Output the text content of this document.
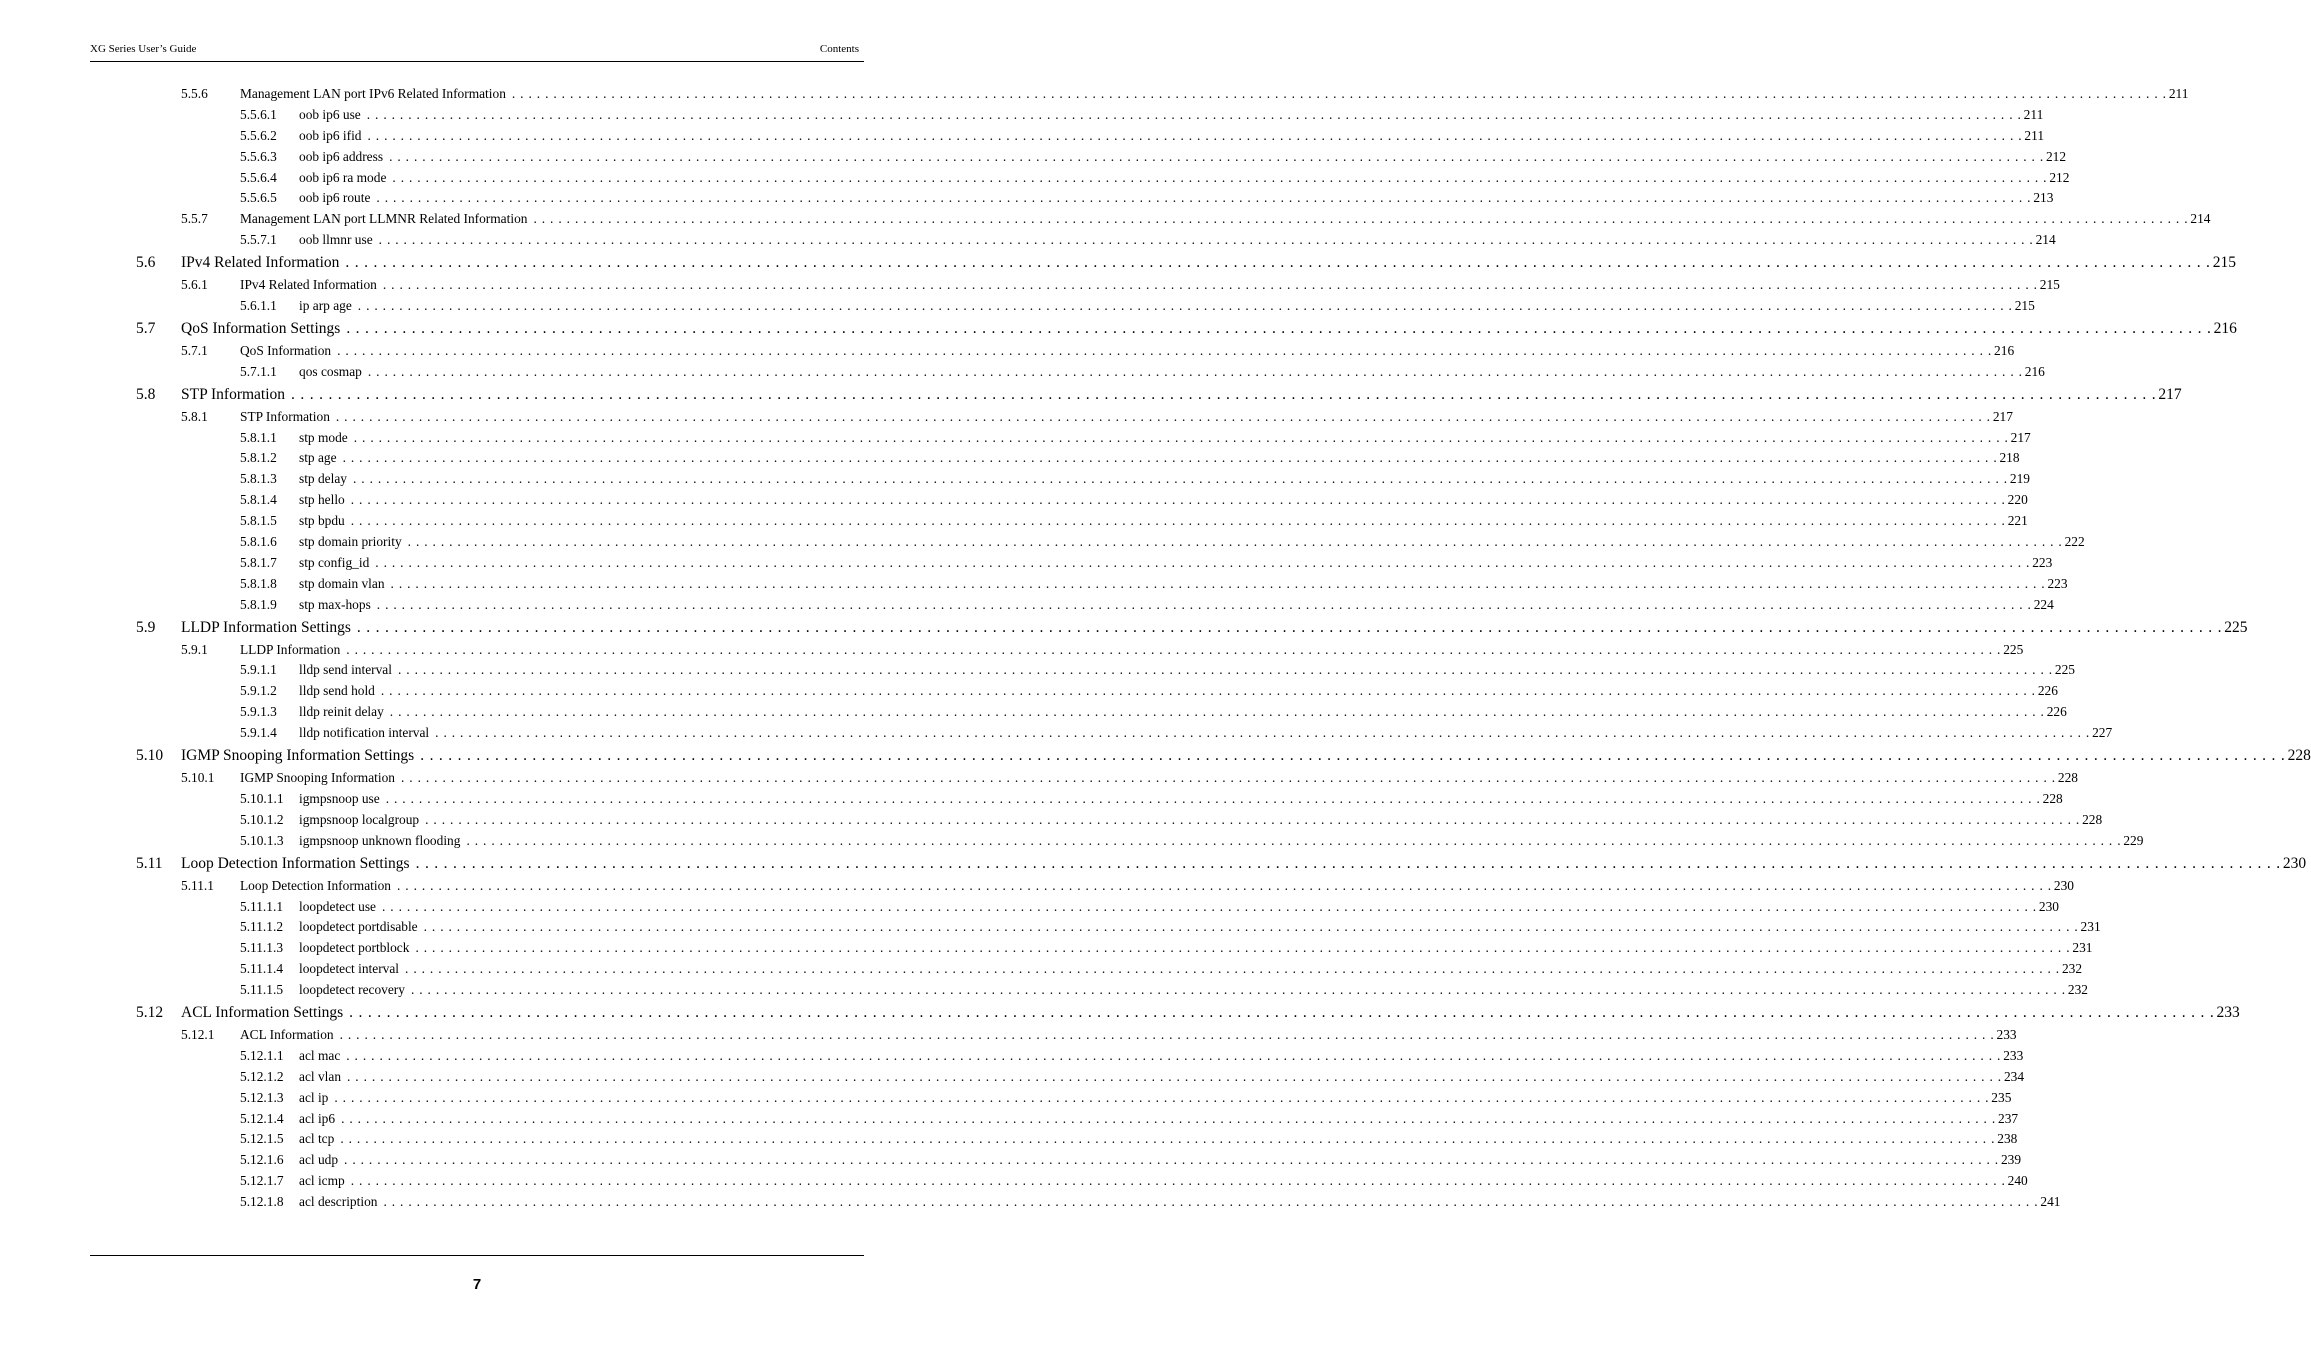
XG Series User’s Guide	Contents
5.5.6 Management LAN port IPv6 Related Information . . . . . . . . . . . . . . . . . . . . . . . . . . . . . . . . . . . . . . . . . . . . . . . . . . . . . . . . . . . . . . . . . . . . . . . . . . . . . . . . . . . . . . . . . . . . . . . . . . . . . . . . . . . . . . . . . . . . . . . . . . . . . . . . . . . . . . . . . . . . . . . . . . . . . . . . . . . . . . . . . . . . . . . . . . . . . . . . . . . . . . . . . . . . . . . . . . . . . . . . 211
5.5.6.1 oob ip6 use . . . . . . . . . . . . . . . . . . . . . . . . . . . . . . . . . . . . . . . . . . . . . . . . . . . . . . . . . . . . . . . . . . . . . . . . . . . . . . . . . . . . . . . . . . . . . . . . . . . . . . . . . . . . . . . . . . . . . . . . . . . . . . . . . . . . . . . . . . . . . . . . . . . . . . . . . . . . . . . . . . . . . . . . . . . . . . . . . . . . . . . . . . . . . . . . . . . . . . . . 211
5.5.6.2 oob ip6 ifid . . . . . . . . . . . . . . . . . . . . . . . . . . . . . . . . . . . . . . . . . . . . . . . . . . . . . . . . . . . . . . . . . . . . . . . . . . . . . . . . . . . . . . . . . . . . . . . . . . . . . . . . . . . . . . . . . . . . . . . . . . . . . . . . . . . . . . . . . . . . . . . . . . . . . . . . . . . . . . . . . . . . . . . . . . . . . . . . . . . . . . . . . . . . . . . . . . . . . . . . 211
5.5.6.3 oob ip6 address . . . . . . . . . . . . . . . . . . . . . . . . . . . . . . . . . . . . . . . . . . . . . . . . . . . . . . . . . . . . . . . . . . . . . . . . . . . . . . . . . . . . . . . . . . . . . . . . . . . . . . . . . . . . . . . . . . . . . . . . . . . . . . . . . . . . . . . . . . . . . . . . . . . . . . . . . . . . . . . . . . . . . . . . . . . . . . . . . . . . . . . . . . . . . . . . . . . . . . . . 212
5.5.6.4 oob ip6 ra mode . . . . . . . . . . . . . . . . . . . . . . . . . . . . . . . . . . . . . . . . . . . . . . . . . . . . . . . . . . . . . . . . . . . . . . . . . . . . . . . . . . . . . . . . . . . . . . . . . . . . . . . . . . . . . . . . . . . . . . . . . . . . . . . . . . . . . . . . . . . . . . . . . . . . . . . . . . . . . . . . . . . . . . . . . . . . . . . . . . . . . . . . . . . . . . . . . . . . . . . . 212
5.5.6.5 oob ip6 route . . . . . . . . . . . . . . . . . . . . . . . . . . . . . . . . . . . . . . . . . . . . . . . . . . . . . . . . . . . . . . . . . . . . . . . . . . . . . . . . . . . . . . . . . . . . . . . . . . . . . . . . . . . . . . . . . . . . . . . . . . . . . . . . . . . . . . . . . . . . . . . . . . . . . . . . . . . . . . . . . . . . . . . . . . . . . . . . . . . . . . . . . . . . . . . . . . . . . . . . 213
5.5.7 Management LAN port LLMNR Related Information . . . . . . . . . . . . . . . . . . . . . . . . . . . . . . . . . . . . . . . . . . . . . . . . . . . . . . . . . . . . . . . . . . . . . . . . . . . . . . . . . . . . . . . . . . . . . . . . . . . . . . . . . . . . . . . . . . . . . . . . . . . . . . . . . . . . . . . . . . . . . . . . . . . . . . . . . . . . . . . . . . . . . . . . . . . . . . . . . . . . . . . . . . . . . . . . . . . . . . . . 214
5.5.7.1 oob llmnr use . . . . . . . . . . . . . . . . . . . . . . . . . . . . . . . . . . . . . . . . . . . . . . . . . . . . . . . . . . . . . . . . . . . . . . . . . . . . . . . . . . . . . . . . . . . . . . . . . . . . . . . . . . . . . . . . . . . . . . . . . . . . . . . . . . . . . . . . . . . . . . . . . . . . . . . . . . . . . . . . . . . . . . . . . . . . . . . . . . . . . . . . . . . . . . . . . . . . . . . . 214
5.6 IPv4 Related Information . . . . . . . . . . . . . . . . . . . . . . . . . . . . . . . . . . . . . . . . . . . . . . . . . . . . . . . . . . . . . . . . . . . . . . . . . . . . . . . . . . . . . . . . . . . . . . . . . . . . . . . . . . . . . . . . . . . . . . . . . . . . . . . . . . . . . . . . . . . . . . . . . . . . . . . . . . . . . . . . . . . . . . . . . . . . . . . . . . . . . . . . . . . . . . . . . . . . . . . . 215
5.6.1 IPv4 Related Information . . . . . . . . . . . . . . . . . . . . . . . . . . . . . . . . . . . . . . . . . . . . . . . . . . . . . . . . . . . . . . . . . . . . . . . . . . . . . . . . . . . . . . . . . . . . . . . . . . . . . . . . . . . . . . . . . . . . . . . . . . . . . . . . . . . . . . . . . . . . . . . . . . . . . . . . . . . . . . . . . . . . . . . . . . . . . . . . . . . . . . . . . . . . . . . . . . . . . . . . 215
5.6.1.1 ip arp age . . . . . . . . . . . . . . . . . . . . . . . . . . . . . . . . . . . . . . . . . . . . . . . . . . . . . . . . . . . . . . . . . . . . . . . . . . . . . . . . . . . . . . . . . . . . . . . . . . . . . . . . . . . . . . . . . . . . . . . . . . . . . . . . . . . . . . . . . . . . . . . . . . . . . . . . . . . . . . . . . . . . . . . . . . . . . . . . . . . . . . . . . . . . . . . . . . . . . . . . 215
5.7 QoS Information Settings . . . . . . . . . . . . . . . . . . . . . . . . . . . . . . . . . . . . . . . . . . . . . . . . . . . . . . . . . . . . . . . . . . . . . . . . . . . . . . . . . . . . . . . . . . . . . . . . . . . . . . . . . . . . . . . . . . . . . . . . . . . . . . . . . . . . . . . . . . . . . . . . . . . . . . . . . . . . . . . . . . . . . . . . . . . . . . . . . . . . . . . . . . . . . . . . . . . . . . . . 216
5.7.1 QoS Information . . . . . . . . . . . . . . . . . . . . . . . . . . . . . . . . . . . . . . . . . . . . . . . . . . . . . . . . . . . . . . . . . . . . . . . . . . . . . . . . . . . . . . . . . . . . . . . . . . . . . . . . . . . . . . . . . . . . . . . . . . . . . . . . . . . . . . . . . . . . . . . . . . . . . . . . . . . . . . . . . . . . . . . . . . . . . . . . . . . . . . . . . . . . . . . . . . . . . . . . 216
5.7.1.1 qos cosmap . . . . . . . . . . . . . . . . . . . . . . . . . . . . . . . . . . . . . . . . . . . . . . . . . . . . . . . . . . . . . . . . . . . . . . . . . . . . . . . . . . . . . . . . . . . . . . . . . . . . . . . . . . . . . . . . . . . . . . . . . . . . . . . . . . . . . . . . . . . . . . . . . . . . . . . . . . . . . . . . . . . . . . . . . . . . . . . . . . . . . . . . . . . . . . . . . . . . . . . . 216
5.8 STP Information . . . . . . . . . . . . . . . . . . . . . . . . . . . . . . . . . . . . . . . . . . . . . . . . . . . . . . . . . . . . . . . . . . . . . . . . . . . . . . . . . . . . . . . . . . . . . . . . . . . . . . . . . . . . . . . . . . . . . . . . . . . . . . . . . . . . . . . . . . . . . . . . . . . . . . . . . . . . . . . . . . . . . . . . . . . . . . . . . . . . . . . . . . . . . . . . . . . . . . . . 217
5.8.1 STP Information . . . . . . . . . . . . . . . . . . . . . . . . . . . . . . . . . . . . . . . . . . . . . . . . . . . . . . . . . . . . . . . . . . . . . . . . . . . . . . . . . . . . . . . . . . . . . . . . . . . . . . . . . . . . . . . . . . . . . . . . . . . . . . . . . . . . . . . . . . . . . . . . . . . . . . . . . . . . . . . . . . . . . . . . . . . . . . . . . . . . . . . . . . . . . . . . . . . . . . . . 217
5.8.1.1 stp mode . . . . . . . . . . . . . . . . . . . . . . . . . . . . . . . . . . . . . . . . . . . . . . . . . . . . . . . . . . . . . . . . . . . . . . . . . . . . . . . . . . . . . . . . . . . . . . . . . . . . . . . . . . . . . . . . . . . . . . . . . . . . . . . . . . . . . . . . . . . . . . . . . . . . . . . . . . . . . . . . . . . . . . . . . . . . . . . . . . . . . . . . . . . . . . . . . . . . . . . . 217
5.8.1.2 stp age . . . . . . . . . . . . . . . . . . . . . . . . . . . . . . . . . . . . . . . . . . . . . . . . . . . . . . . . . . . . . . . . . . . . . . . . . . . . . . . . . . . . . . . . . . . . . . . . . . . . . . . . . . . . . . . . . . . . . . . . . . . . . . . . . . . . . . . . . . . . . . . . . . . . . . . . . . . . . . . . . . . . . . . . . . . . . . . . . . . . . . . . . . . . . . . . . . . . . . . . 218
5.8.1.3 stp delay . . . . . . . . . . . . . . . . . . . . . . . . . . . . . . . . . . . . . . . . . . . . . . . . . . . . . . . . . . . . . . . . . . . . . . . . . . . . . . . . . . . . . . . . . . . . . . . . . . . . . . . . . . . . . . . . . . . . . . . . . . . . . . . . . . . . . . . . . . . . . . . . . . . . . . . . . . . . . . . . . . . . . . . . . . . . . . . . . . . . . . . . . . . . . . . . . . . . . . . . 219
5.8.1.4 stp hello . . . . . . . . . . . . . . . . . . . . . . . . . . . . . . . . . . . . . . . . . . . . . . . . . . . . . . . . . . . . . . . . . . . . . . . . . . . . . . . . . . . . . . . . . . . . . . . . . . . . . . . . . . . . . . . . . . . . . . . . . . . . . . . . . . . . . . . . . . . . . . . . . . . . . . . . . . . . . . . . . . . . . . . . . . . . . . . . . . . . . . . . . . . . . . . . . . . . . . . . 220
5.8.1.5 stp bpdu . . . . . . . . . . . . . . . . . . . . . . . . . . . . . . . . . . . . . . . . . . . . . . . . . . . . . . . . . . . . . . . . . . . . . . . . . . . . . . . . . . . . . . . . . . . . . . . . . . . . . . . . . . . . . . . . . . . . . . . . . . . . . . . . . . . . . . . . . . . . . . . . . . . . . . . . . . . . . . . . . . . . . . . . . . . . . . . . . . . . . . . . . . . . . . . . . . . . . . . . 221
5.8.1.6 stp domain priority . . . . . . . . . . . . . . . . . . . . . . . . . . . . . . . . . . . . . . . . . . . . . . . . . . . . . . . . . . . . . . . . . . . . . . . . . . . . . . . . . . . . . . . . . . . . . . . . . . . . . . . . . . . . . . . . . . . . . . . . . . . . . . . . . . . . . . . . . . . . . . . . . . . . . . . . . . . . . . . . . . . . . . . . . . . . . . . . . . . . . . . . . . . . . . . . . . . . . . . . 222
5.8.1.7 stp config_id . . . . . . . . . . . . . . . . . . . . . . . . . . . . . . . . . . . . . . . . . . . . . . . . . . . . . . . . . . . . . . . . . . . . . . . . . . . . . . . . . . . . . . . . . . . . . . . . . . . . . . . . . . . . . . . . . . . . . . . . . . . . . . . . . . . . . . . . . . . . . . . . . . . . . . . . . . . . . . . . . . . . . . . . . . . . . . . . . . . . . . . . . . . . . . . . . . . . . . . . 223
5.8.1.8 stp domain vlan . . . . . . . . . . . . . . . . . . . . . . . . . . . . . . . . . . . . . . . . . . . . . . . . . . . . . . . . . . . . . . . . . . . . . . . . . . . . . . . . . . . . . . . . . . . . . . . . . . . . . . . . . . . . . . . . . . . . . . . . . . . . . . . . . . . . . . . . . . . . . . . . . . . . . . . . . . . . . . . . . . . . . . . . . . . . . . . . . . . . . . . . . . . . . . . . . . . . . . . . 223
5.8.1.9 stp max-hops . . . . . . . . . . . . . . . . . . . . . . . . . . . . . . . . . . . . . . . . . . . . . . . . . . . . . . . . . . . . . . . . . . . . . . . . . . . . . . . . . . . . . . . . . . . . . . . . . . . . . . . . . . . . . . . . . . . . . . . . . . . . . . . . . . . . . . . . . . . . . . . . . . . . . . . . . . . . . . . . . . . . . . . . . . . . . . . . . . . . . . . . . . . . . . . . . . . . . . . . 224
5.9 LLDP Information Settings . . . . . . . . . . . . . . . . . . . . . . . . . . . . . . . . . . . . . . . . . . . . . . . . . . . . . . . . . . . . . . . . . . . . . . . . . . . . . . . . . . . . . . . . . . . . . . . . . . . . . . . . . . . . . . . . . . . . . . . . . . . . . . . . . . . . . . . . . . . . . . . . . . . . . . . . . . . . . . . . . . . . . . . . . . . . . . . . . . . . . . . . . . . . . . . . . . . . . . . . 225
5.9.1 LLDP Information . . . . . . . . . . . . . . . . . . . . . . . . . . . . . . . . . . . . . . . . . . . . . . . . . . . . . . . . . . . . . . . . . . . . . . . . . . . . . . . . . . . . . . . . . . . . . . . . . . . . . . . . . . . . . . . . . . . . . . . . . . . . . . . . . . . . . . . . . . . . . . . . . . . . . . . . . . . . . . . . . . . . . . . . . . . . . . . . . . . . . . . . . . . . . . . . . . . . . . . . 225
5.9.1.1 lldp send interval . . . . . . . . . . . . . . . . . . . . . . . . . . . . . . . . . . . . . . . . . . . . . . . . . . . . . . . . . . . . . . . . . . . . . . . . . . . . . . . . . . . . . . . . . . . . . . . . . . . . . . . . . . . . . . . . . . . . . . . . . . . . . . . . . . . . . . . . . . . . . . . . . . . . . . . . . . . . . . . . . . . . . . . . . . . . . . . . . . . . . . . . . . . . . . . . . . . . . . . . 225
5.9.1.2 lldp send hold . . . . . . . . . . . . . . . . . . . . . . . . . . . . . . . . . . . . . . . . . . . . . . . . . . . . . . . . . . . . . . . . . . . . . . . . . . . . . . . . . . . . . . . . . . . . . . . . . . . . . . . . . . . . . . . . . . . . . . . . . . . . . . . . . . . . . . . . . . . . . . . . . . . . . . . . . . . . . . . . . . . . . . . . . . . . . . . . . . . . . . . . . . . . . . . . . . . . . . . . 226
5.9.1.3 lldp reinit delay . . . . . . . . . . . . . . . . . . . . . . . . . . . . . . . . . . . . . . . . . . . . . . . . . . . . . . . . . . . . . . . . . . . . . . . . . . . . . . . . . . . . . . . . . . . . . . . . . . . . . . . . . . . . . . . . . . . . . . . . . . . . . . . . . . . . . . . . . . . . . . . . . . . . . . . . . . . . . . . . . . . . . . . . . . . . . . . . . . . . . . . . . . . . . . . . . . . . . . . . 226
5.9.1.4 lldp notification interval . . . . . . . . . . . . . . . . . . . . . . . . . . . . . . . . . . . . . . . . . . . . . . . . . . . . . . . . . . . . . . . . . . . . . . . . . . . . . . . . . . . . . . . . . . . . . . . . . . . . . . . . . . . . . . . . . . . . . . . . . . . . . . . . . . . . . . . . . . . . . . . . . . . . . . . . . . . . . . . . . . . . . . . . . . . . . . . . . . . . . . . . . . . . . . . . . . . . . . . . 227
5.10 IGMP Snooping Information Settings . . . . . . . . . . . . . . . . . . . . . . . . . . . . . . . . . . . . . . . . . . . . . . . . . . . . . . . . . . . . . . . . . . . . . . . . . . . . . . . . . . . . . . . . . . . . . . . . . . . . . . . . . . . . . . . . . . . . . . . . . . . . . . . . . . . . . . . . . . . . . . . . . . . . . . . . . . . . . . . . . . . . . . . . . . . . . . . . . . . . . . . . . . . . . . . . . . . . . . . . 228
5.10.1 IGMP Snooping Information . . . . . . . . . . . . . . . . . . . . . . . . . . . . . . . . . . . . . . . . . . . . . . . . . . . . . . . . . . . . . . . . . . . . . . . . . . . . . . . . . . . . . . . . . . . . . . . . . . . . . . . . . . . . . . . . . . . . . . . . . . . . . . . . . . . . . . . . . . . . . . . . . . . . . . . . . . . . . . . . . . . . . . . . . . . . . . . . . . . . . . . . . . . . . . . . . . . . . . . . 228
5.10.1.1 igmpsnoop use . . . . . . . . . . . . . . . . . . . . . . . . . . . . . . . . . . . . . . . . . . . . . . . . . . . . . . . . . . . . . . . . . . . . . . . . . . . . . . . . . . . . . . . . . . . . . . . . . . . . . . . . . . . . . . . . . . . . . . . . . . . . . . . . . . . . . . . . . . . . . . . . . . . . . . . . . . . . . . . . . . . . . . . . . . . . . . . . . . . . . . . . . . . . . . . . . . . . . . . . 228
5.10.1.2 igmpsnoop localgroup . . . . . . . . . . . . . . . . . . . . . . . . . . . . . . . . . . . . . . . . . . . . . . . . . . . . . . . . . . . . . . . . . . . . . . . . . . . . . . . . . . . . . . . . . . . . . . . . . . . . . . . . . . . . . . . . . . . . . . . . . . . . . . . . . . . . . . . . . . . . . . . . . . . . . . . . . . . . . . . . . . . . . . . . . . . . . . . . . . . . . . . . . . . . . . . . . . . . . . . . 228
5.10.1.3 igmpsnoop unknown flooding . . . . . . . . . . . . . . . . . . . . . . . . . . . . . . . . . . . . . . . . . . . . . . . . . . . . . . . . . . . . . . . . . . . . . . . . . . . . . . . . . . . . . . . . . . . . . . . . . . . . . . . . . . . . . . . . . . . . . . . . . . . . . . . . . . . . . . . . . . . . . . . . . . . . . . . . . . . . . . . . . . . . . . . . . . . . . . . . . . . . . . . . . . . . . . . . . . . . . . . . 229
5.11 Loop Detection Information Settings . . . . . . . . . . . . . . . . . . . . . . . . . . . . . . . . . . . . . . . . . . . . . . . . . . . . . . . . . . . . . . . . . . . . . . . . . . . . . . . . . . . . . . . . . . . . . . . . . . . . . . . . . . . . . . . . . . . . . . . . . . . . . . . . . . . . . . . . . . . . . . . . . . . . . . . . . . . . . . . . . . . . . . . . . . . . . . . . . . . . . . . . . . . . . . . . . . . . . . . . 230
5.11.1 Loop Detection Information . . . . . . . . . . . . . . . . . . . . . . . . . . . . . . . . . . . . . . . . . . . . . . . . . . . . . . . . . . . . . . . . . . . . . . . . . . . . . . . . . . . . . . . . . . . . . . . . . . . . . . . . . . . . . . . . . . . . . . . . . . . . . . . . . . . . . . . . . . . . . . . . . . . . . . . . . . . . . . . . . . . . . . . . . . . . . . . . . . . . . . . . . . . . . . . . . . . . . . . . 230
5.11.1.1 loopdetect use . . . . . . . . . . . . . . . . . . . . . . . . . . . . . . . . . . . . . . . . . . . . . . . . . . . . . . . . . . . . . . . . . . . . . . . . . . . . . . . . . . . . . . . . . . . . . . . . . . . . . . . . . . . . . . . . . . . . . . . . . . . . . . . . . . . . . . . . . . . . . . . . . . . . . . . . . . . . . . . . . . . . . . . . . . . . . . . . . . . . . . . . . . . . . . . . . . . . . . . . 230
5.11.1.2 loopdetect portdisable . . . . . . . . . . . . . . . . . . . . . . . . . . . . . . . . . . . . . . . . . . . . . . . . . . . . . . . . . . . . . . . . . . . . . . . . . . . . . . . . . . . . . . . . . . . . . . . . . . . . . . . . . . . . . . . . . . . . . . . . . . . . . . . . . . . . . . . . . . . . . . . . . . . . . . . . . . . . . . . . . . . . . . . . . . . . . . . . . . . . . . . . . . . . . . . . . . . . . . . . 231
5.11.1.3 loopdetect portblock . . . . . . . . . . . . . . . . . . . . . . . . . . . . . . . . . . . . . . . . . . . . . . . . . . . . . . . . . . . . . . . . . . . . . . . . . . . . . . . . . . . . . . . . . . . . . . . . . . . . . . . . . . . . . . . . . . . . . . . . . . . . . . . . . . . . . . . . . . . . . . . . . . . . . . . . . . . . . . . . . . . . . . . . . . . . . . . . . . . . . . . . . . . . . . . . . . . . . . . . 231
5.11.1.4 loopdetect interval . . . . . . . . . . . . . . . . . . . . . . . . . . . . . . . . . . . . . . . . . . . . . . . . . . . . . . . . . . . . . . . . . . . . . . . . . . . . . . . . . . . . . . . . . . . . . . . . . . . . . . . . . . . . . . . . . . . . . . . . . . . . . . . . . . . . . . . . . . . . . . . . . . . . . . . . . . . . . . . . . . . . . . . . . . . . . . . . . . . . . . . . . . . . . . . . . . . . . . . . 232
5.11.1.5 loopdetect recovery . . . . . . . . . . . . . . . . . . . . . . . . . . . . . . . . . . . . . . . . . . . . . . . . . . . . . . . . . . . . . . . . . . . . . . . . . . . . . . . . . . . . . . . . . . . . . . . . . . . . . . . . . . . . . . . . . . . . . . . . . . . . . . . . . . . . . . . . . . . . . . . . . . . . . . . . . . . . . . . . . . . . . . . . . . . . . . . . . . . . . . . . . . . . . . . . . . . . . . . . 232
5.12 ACL Information Settings . . . . . . . . . . . . . . . . . . . . . . . . . . . . . . . . . . . . . . . . . . . . . . . . . . . . . . . . . . . . . . . . . . . . . . . . . . . . . . . . . . . . . . . . . . . . . . . . . . . . . . . . . . . . . . . . . . . . . . . . . . . . . . . . . . . . . . . . . . . . . . . . . . . . . . . . . . . . . . . . . . . . . . . . . . . . . . . . . . . . . . . . . . . . . . . . . . . . . . . . 233
5.12.1 ACL Information . . . . . . . . . . . . . . . . . . . . . . . . . . . . . . . . . . . . . . . . . . . . . . . . . . . . . . . . . . . . . . . . . . . . . . . . . . . . . . . . . . . . . . . . . . . . . . . . . . . . . . . . . . . . . . . . . . . . . . . . . . . . . . . . . . . . . . . . . . . . . . . . . . . . . . . . . . . . . . . . . . . . . . . . . . . . . . . . . . . . . . . . . . . . . . . . . . . . . . . . 233
5.12.1.1 acl mac . . . . . . . . . . . . . . . . . . . . . . . . . . . . . . . . . . . . . . . . . . . . . . . . . . . . . . . . . . . . . . . . . . . . . . . . . . . . . . . . . . . . . . . . . . . . . . . . . . . . . . . . . . . . . . . . . . . . . . . . . . . . . . . . . . . . . . . . . . . . . . . . . . . . . . . . . . . . . . . . . . . . . . . . . . . . . . . . . . . . . . . . . . . . . . . . . . . . . . . . 233
5.12.1.2 acl vlan . . . . . . . . . . . . . . . . . . . . . . . . . . . . . . . . . . . . . . . . . . . . . . . . . . . . . . . . . . . . . . . . . . . . . . . . . . . . . . . . . . . . . . . . . . . . . . . . . . . . . . . . . . . . . . . . . . . . . . . . . . . . . . . . . . . . . . . . . . . . . . . . . . . . . . . . . . . . . . . . . . . . . . . . . . . . . . . . . . . . . . . . . . . . . . . . . . . . . . . . 234
5.12.1.3 acl ip . . . . . . . . . . . . . . . . . . . . . . . . . . . . . . . . . . . . . . . . . . . . . . . . . . . . . . . . . . . . . . . . . . . . . . . . . . . . . . . . . . . . . . . . . . . . . . . . . . . . . . . . . . . . . . . . . . . . . . . . . . . . . . . . . . . . . . . . . . . . . . . . . . . . . . . . . . . . . . . . . . . . . . . . . . . . . . . . . . . . . . . . . . . . . . . . . . . . . . . . 235
5.12.1.4 acl ip6 . . . . . . . . . . . . . . . . . . . . . . . . . . . . . . . . . . . . . . . . . . . . . . . . . . . . . . . . . . . . . . . . . . . . . . . . . . . . . . . . . . . . . . . . . . . . . . . . . . . . . . . . . . . . . . . . . . . . . . . . . . . . . . . . . . . . . . . . . . . . . . . . . . . . . . . . . . . . . . . . . . . . . . . . . . . . . . . . . . . . . . . . . . . . . . . . . . . . . . . . 237
5.12.1.5 acl tcp . . . . . . . . . . . . . . . . . . . . . . . . . . . . . . . . . . . . . . . . . . . . . . . . . . . . . . . . . . . . . . . . . . . . . . . . . . . . . . . . . . . . . . . . . . . . . . . . . . . . . . . . . . . . . . . . . . . . . . . . . . . . . . . . . . . . . . . . . . . . . . . . . . . . . . . . . . . . . . . . . . . . . . . . . . . . . . . . . . . . . . . . . . . . . . . . . . . . . . . . 238
5.12.1.6 acl udp . . . . . . . . . . . . . . . . . . . . . . . . . . . . . . . . . . . . . . . . . . . . . . . . . . . . . . . . . . . . . . . . . . . . . . . . . . . . . . . . . . . . . . . . . . . . . . . . . . . . . . . . . . . . . . . . . . . . . . . . . . . . . . . . . . . . . . . . . . . . . . . . . . . . . . . . . . . . . . . . . . . . . . . . . . . . . . . . . . . . . . . . . . . . . . . . . . . . . . . . 239
5.12.1.7 acl icmp . . . . . . . . . . . . . . . . . . . . . . . . . . . . . . . . . . . . . . . . . . . . . . . . . . . . . . . . . . . . . . . . . . . . . . . . . . . . . . . . . . . . . . . . . . . . . . . . . . . . . . . . . . . . . . . . . . . . . . . . . . . . . . . . . . . . . . . . . . . . . . . . . . . . . . . . . . . . . . . . . . . . . . . . . . . . . . . . . . . . . . . . . . . . . . . . . . . . . . . . 240
5.12.1.8 acl description . . . . . . . . . . . . . . . . . . . . . . . . . . . . . . . . . . . . . . . . . . . . . . . . . . . . . . . . . . . . . . . . . . . . . . . . . . . . . . . . . . . . . . . . . . . . . . . . . . . . . . . . . . . . . . . . . . . . . . . . . . . . . . . . . . . . . . . . . . . . . . . . . . . . . . . . . . . . . . . . . . . . . . . . . . . . . . . . . . . . . . . . . . . . . . . . . . . . . . . . 241
7
